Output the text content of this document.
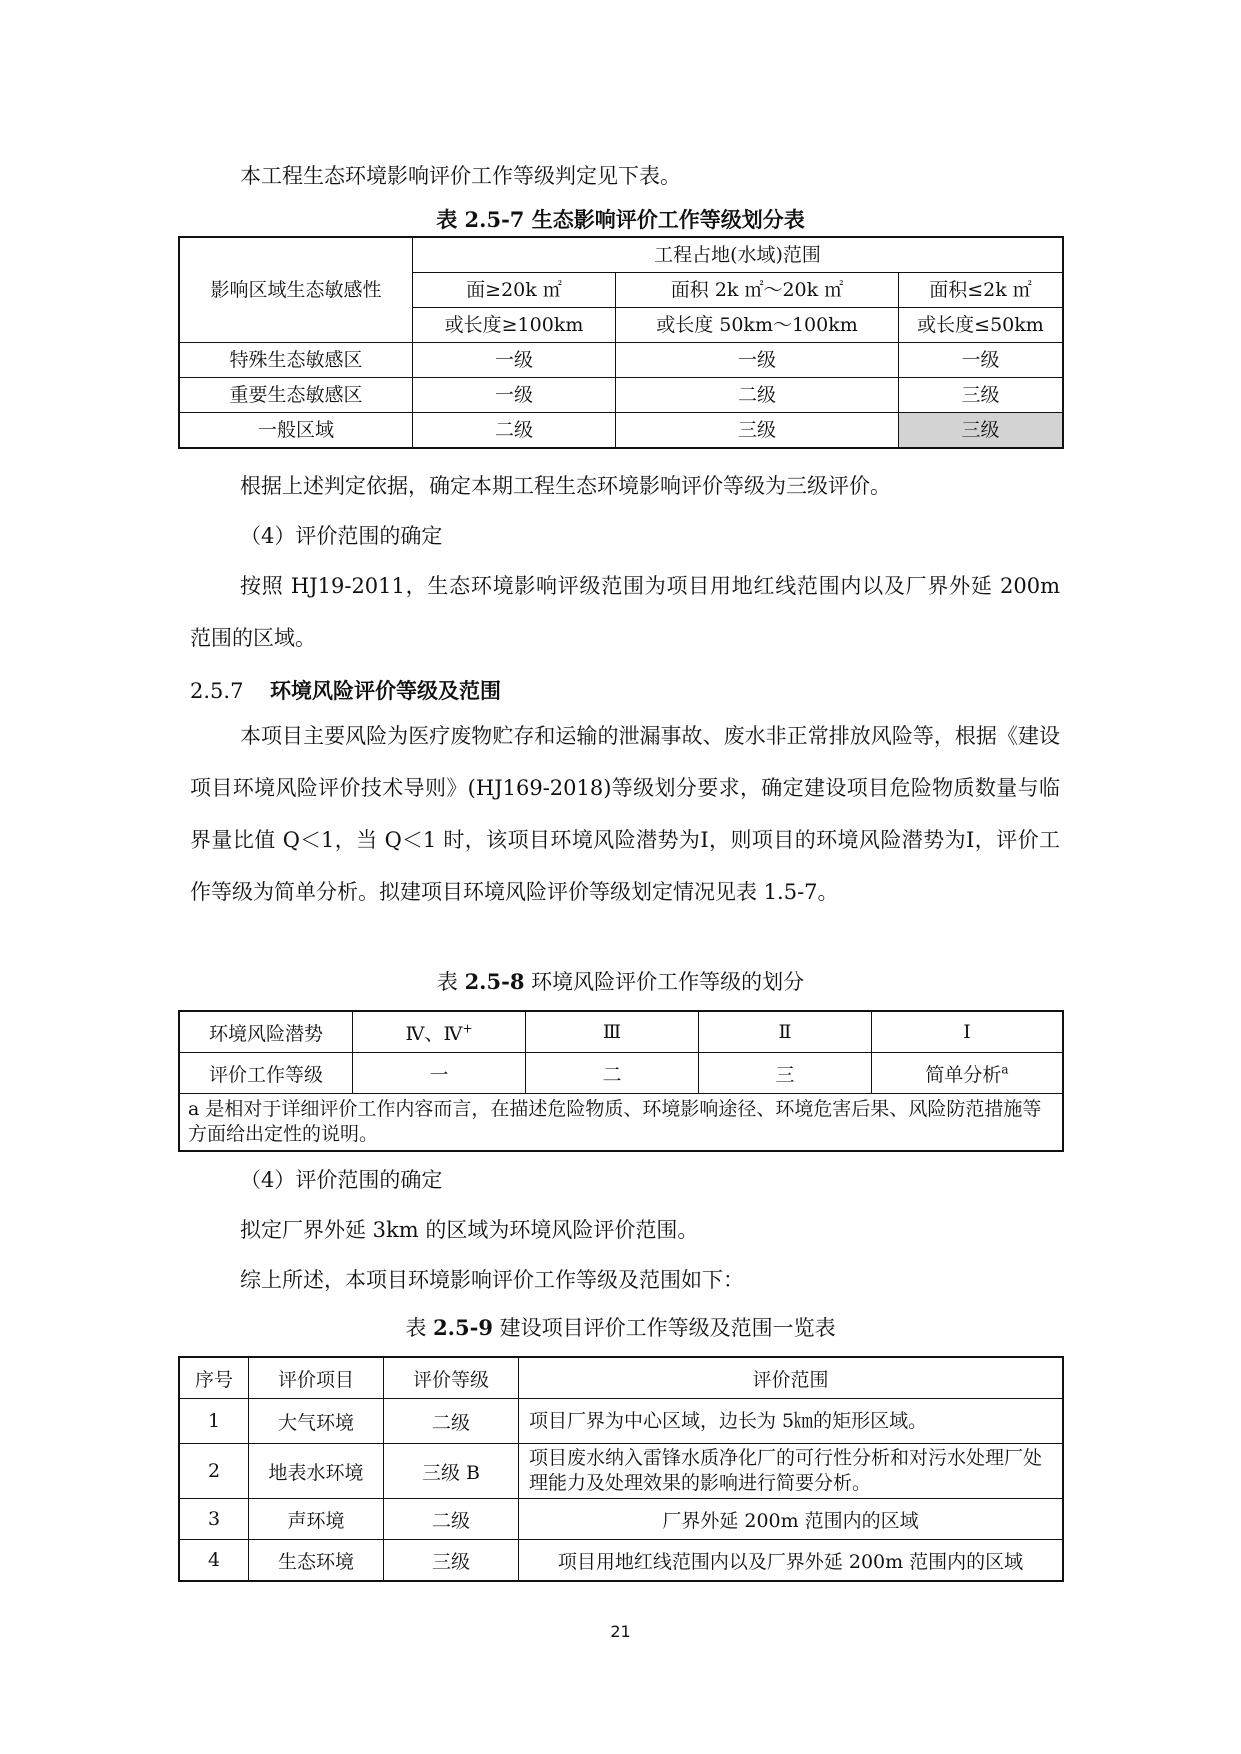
本工程生态环境影响评价工作等级判定见下表。

表 2.5-7 生态影响评价工作等级划分表
影响区域生态敏感性	工程占地(水域)范围		
	面≥20k ㎡	面积 2k ㎡～20k ㎡	面积≤2k ㎡
	或长度≥100km	或长度 50km～100km	或长度≤50km
特殊生态敏感区	一级	一级	一级
重要生态敏感区	一级	二级	三级
一般区域	二级	三级	三级

根据上述判定依据，确定本期工程生态环境影响评价等级为三级评价。

（4）评价范围的确定

按照 HJ19-2011，生态环境影响评级范围为项目用地红线范围内以及厂界外延 200m 范围的区域。

2.5.7 环境风险评价等级及范围

本项目主要风险为医疗废物贮存和运输的泄漏事故、废水非正常排放风险等，根据《建设项目环境风险评价技术导则》(HJ169-2018)等级划分要求，确定建设项目危险物质数量与临界量比值 Q＜1，当 Q＜1 时，该项目环境风险潜势为Ⅰ，则项目的环境风险潜势为Ⅰ，评价工作等级为简单分析。拟建项目环境风险评价等级划定情况见表 1.5-7。

表 2.5-8 环境风险评价工作等级的划分
环境风险潜势	Ⅳ、Ⅳ+	Ⅲ	Ⅱ	Ⅰ
评价工作等级	一	二	三	简单分析$^a$
a 是相对于详细评价工作内容而言，在描述危险物质、环境影响途径、环境危害后果、风险防范措施等方面给出定性的说明。				

（4）评价范围的确定

拟定厂界外延 3km 的区域为环境风险评价范围。

综上所述，本项目环境影响评价工作等级及范围如下：

表 2.5-9 建设项目评价工作等级及范围一览表
序号	评价项目	评价等级	评价范围
1	大气环境	二级	项目厂界为中心区域，边长为 5㎞的矩形区域。
2	地表水环境	三级 B	项目废水纳入雷锋水质净化厂的可行性分析和对污水处理厂处理能力及处理效果的影响进行简要分析。
3	声环境	二级	厂界外延 200m 范围内的区域
4	生态环境	三级	项目用地红线范围内以及厂界外延 200m 范围内的区域
21
